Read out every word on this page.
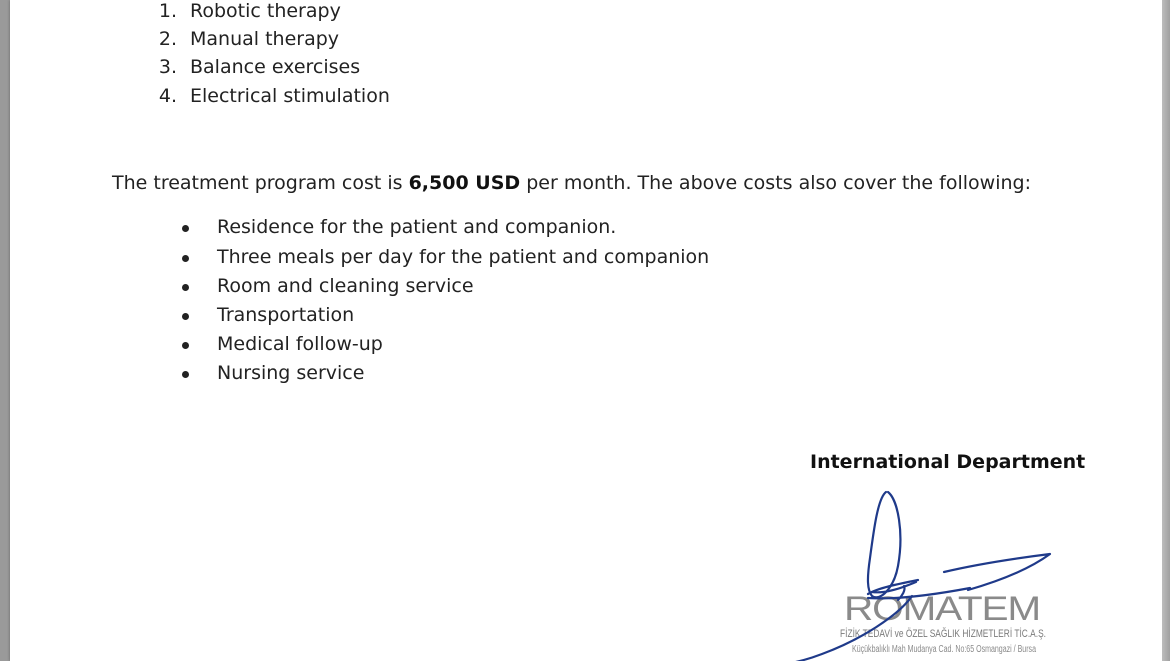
1. Robotic therapy
2. Manual therapy
3. Balance exercises
4. Electrical stimulation
The treatment program cost is 6,500 USD per month. The above costs also cover the following:
Residence for the patient and companion.
Three meals per day for the patient and companion
Room and cleaning service
Transportation
Medical follow-up
Nursing service
International Department
ROMATEM
FİZİK TEDAVİ ve ÖZEL SAĞLIK HİZMETLERİ TİC.A.Ş.
Küçükbalıklı Mah Mudanya Cad. No:65 Osmangazi / Bursa
